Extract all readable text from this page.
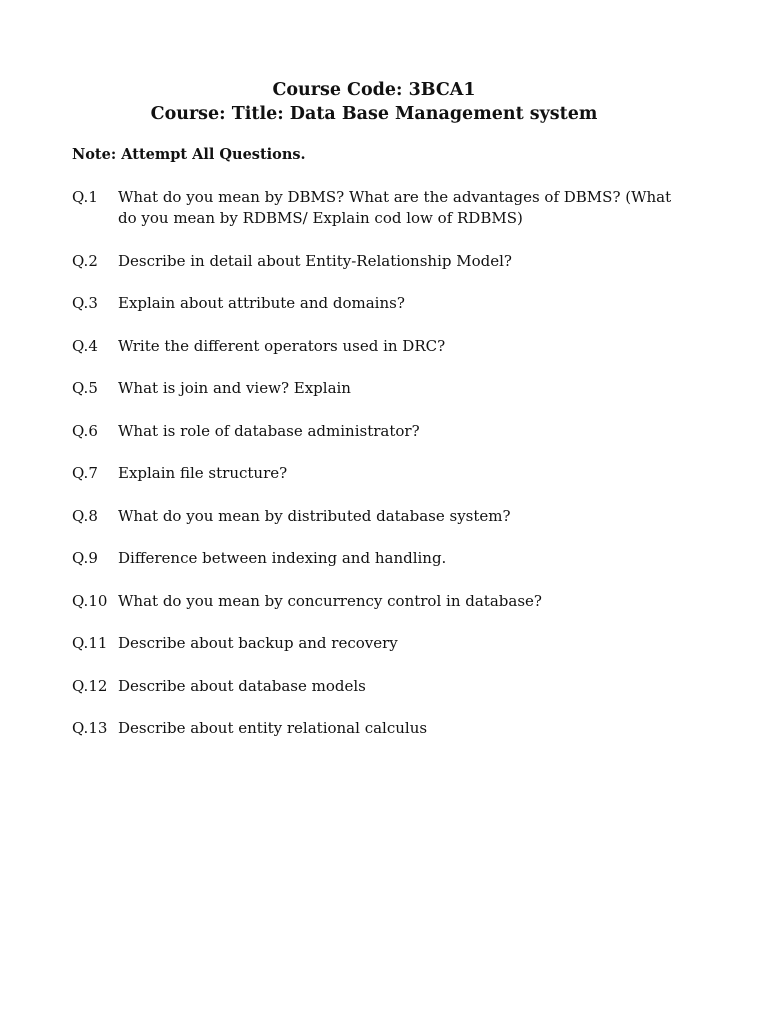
Course Code: 3BCA1

Course: Title: Data Base Management system

Note: Attempt All Questions.

Q.1	What do you mean by DBMS? What are the advantages of DBMS? (What do you mean by RDBMS/ Explain cod low of RDBMS)
Q.2	Describe in detail about Entity-Relationship Model?
Q.3	Explain about attribute and domains?
Q.4	Write the different operators used in DRC?
Q.5	What is join and view? Explain
Q.6	What is role of database administrator?
Q.7	Explain file structure?
Q.8	What do you mean by distributed database system?
Q.9	Difference between indexing and handling.
Q.10 What do you mean by concurrency control in database?
Q.11 Describe about backup and recovery
Q.12 Describe about database models
Q.13 Describe about entity relational calculus
